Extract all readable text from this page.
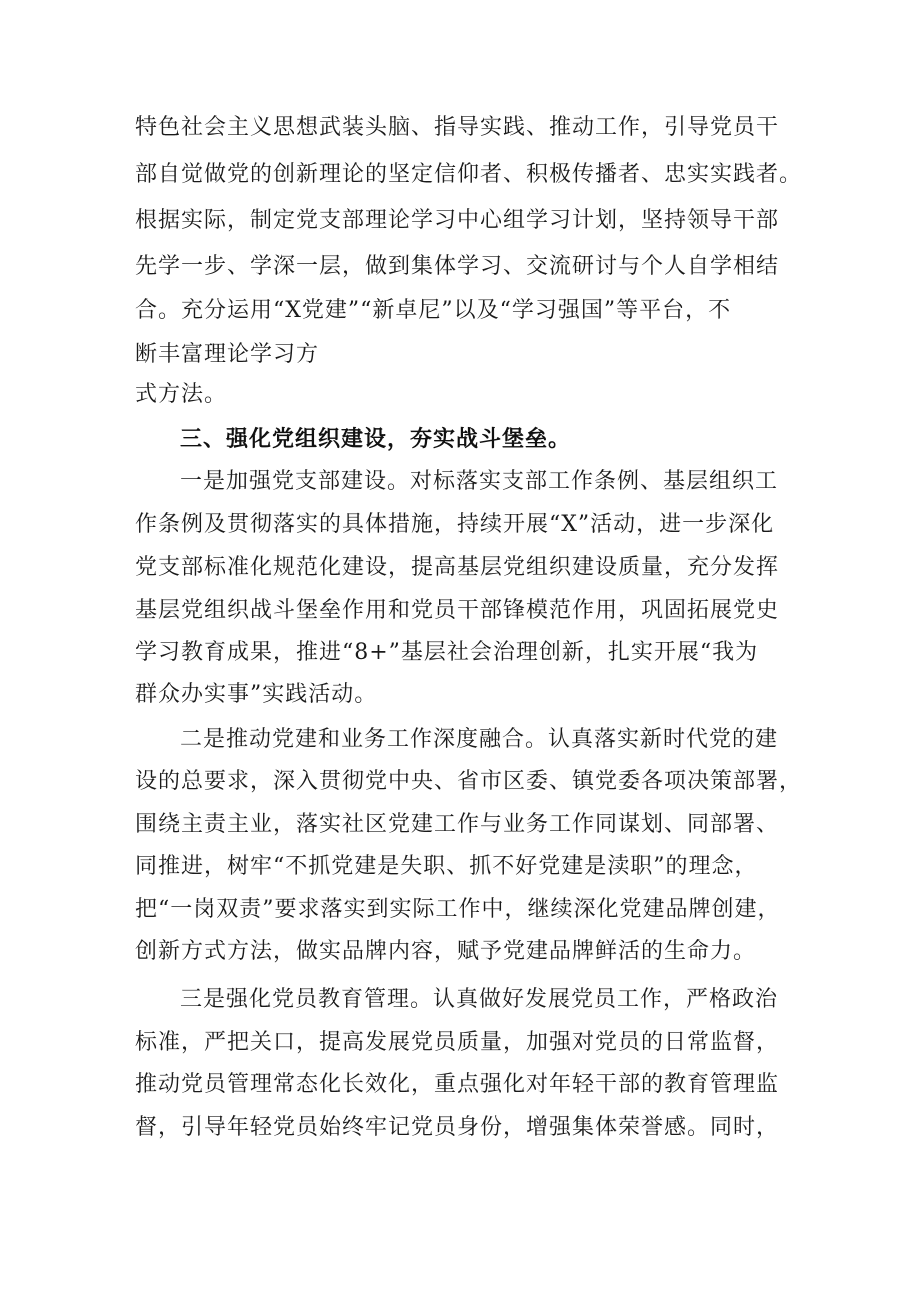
特色社会主义思想武装头脑、指导实践、推动工作，引导党员干
部自觉做党的创新理论的坚定信仰者、积极传播者、忠实实践者。
根据实际，制定党支部理论学习中心组学习计划，坚持领导干部
先学一步、学深一层，做到集体学习、交流研讨与个人自学相结
合。充分运用“X党建”“新卓尼”以及“学习强国”等平台，不
断丰富理论学习方
式方法。
三、强化党组织建设，夯实战斗堡垒。
一是加强党支部建设。对标落实支部工作条例、基层组织工
作条例及贯彻落实的具体措施，持续开展“X”活动，进一步深化
党支部标准化规范化建设，提高基层党组织建设质量，充分发挥
基层党组织战斗堡垒作用和党员干部锋模范作用，巩固拓展党史
学习教育成果，推进“8+”基层社会治理创新，扎实开展“我为
群众办实事”实践活动。
二是推动党建和业务工作深度融合。认真落实新时代党的建
设的总要求，深入贯彻党中央、省市区委、镇党委各项决策部署，
围绕主责主业，落实社区党建工作与业务工作同谋划、同部署、
同推进，树牢“不抓党建是失职、抓不好党建是渎职”的理念，
把“一岗双责”要求落实到实际工作中，继续深化党建品牌创建，
创新方式方法，做实品牌内容，赋予党建品牌鲜活的生命力。
三是强化党员教育管理。认真做好发展党员工作，严格政治
标准，严把关口，提高发展党员质量，加强对党员的日常监督，
推动党员管理常态化长效化，重点强化对年轻干部的教育管理监
督，引导年轻党员始终牢记党员身份，增强集体荣誉感。同时，
